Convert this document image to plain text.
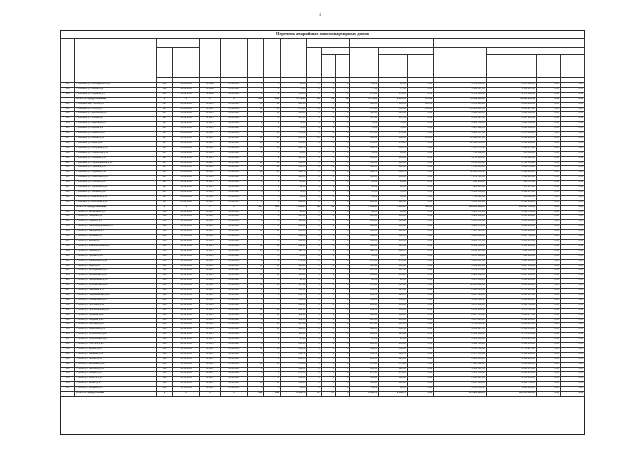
4
Перечень аварийных многоквартирных домов

207	г. Калинин ул. Володарского д.1	226	14.06.2011	IV.2018	31.12.2017	1	1	94,50	2	2	0	94,50	94,50	0,00	1 879 500,00	1 879 500,00	0,00	0,00
208	г. Калинин ул. Лесная д.2	126	14.06.2011	IV.2018	31.12.2017	1	1	77,43	3	3	0	77,43	77,43	0,00	1 540 007,00	1 540 007,00	0,00	0,00
209	г. Калинин ул. Садовая д.3	126	14.06.2011	IV.2018	31.12.2017	4	8	179,56	4	4	0	179,56	179,56	0,00	3 571 448,00	3 571 448,00	0,00	0,00
	Итого по городу Калинину	х	х	х	х	206	296	3 772,80	83	89	19	3 772,80	3 045,34	727,46	75 040 000,00	53 280 000,00	0,00	0,00
210	г. Калинин пер. Гоголя д.4	127	15.09.2011	III.2017	31.12.2017	15	16	481,56	5	5	0	481,56	361,56	120,00	9 578 028,00	6 800 000,00	0,00	0,00
211	г. Калинин ул. Гоголя д.5	127	15.09.2011	III.2017	31.12.2017	24	26	675,92	11	11	0	675,92	532,92	143,00	13 443 967,00	9 545 217,00	0,00	0,00
212	г. Калинин ул. Деповская д.6	127	15.09.2011	III.2017	31.12.2017	11	12	326,40	2	2	0	326,40	326,40	0,00	6 492 096,00	4 609 388,00	0,00	0,00
213	г. Калинин ул. Жукова д.7	127	15.09.2011	III.2017	31.12.2017	7	8	457,30	1	1	0	457,30	457,30	0,00	9 095 697,00	6 457 945,00	0,00	0,00
214	г. Калинин ул. Заречная д.8	127	15.09.2011	III.2017	31.12.2017	2	2	75,00	1	1	0	75,00	75,00	0,00	1 491 750,00	1 059 143,00	0,00	0,00
215	г. Калинин ул. Кирова д.9	127	15.09.2011	III.2017	31.12.2017	4	4	73,80	1	1	0	73,80	73,80	0,00	1 467 882,00	1 042 196,00	0,00	0,00
216	г. Калинин ул. Ленина д.10	127	15.09.2011	III.2017	31.12.2017	8	10	175,30	6	6	0	175,30	175,30	0,00	3 486 717,00	2 475 569,00	0,00	0,00
217	г. Калинин ул. Лесная д.11	127	15.09.2011	III.2017	31.12.2017	22	23	683,30	15	15	0	683,30	558,30	125,00	13 590 837,00	9 649 494,00	0,00	0,00
218	г. Калинин ул. Мира д.12	127	15.09.2011	III.2017	31.12.2017	16	18	574,06	6	6	0	574,06	574,06	0,00	11 418 053,00	8 106 818,00	0,00	0,00
219	г. Калинин ул. Мичурина д.13	127	15.09.2011	III.2017	31.12.2017	11	11	365,70	7	7	0	365,70	365,70	0,00	7 273 773,00	5 164 379,00	0,00	0,00
220	г. Калинин ул. Некрасова д.14	127	15.09.2011	III.2017	31.12.2017	1	1	35,80	1	1	0	35,80	35,80	0,00	712 062,00	505 564,00	0,00	0,00
221	г. Калинин ул. Озёрная д.15	127	15.09.2011	III.2017	31.12.2017	6	6	265,20	1	1	0	265,20	265,20	0,00	5 274 828,00	3 745 128,00	0,00	0,00
222	г. Калинин ул. Первомайская д.16	127	15.09.2011	III.2017	31.12.2017	12	13	410,10	6	6	0	410,10	410,10	0,00	8 156 889,00	5 791 391,00	0,00	0,00
223	г. Калинин ул. Пушкина д.17	127	15.09.2011	III.2017	31.12.2017	14	14	391,50	4	4	0	391,50	391,50	0,00	7 786 935,00	5 528 724,00	0,00	0,00
224	г. Калинин ул. Садовая д.18	127	15.09.2011	III.2017	31.12.2017	19	20	599,70	8	8	0	599,70	599,70	0,00	11 928 033,00	8 468 903,00	0,00	0,00
225	г. Калинин ул. Советская д.19	127	15.09.2011	III.2017	31.12.2017	9	9	366,00	1	1	0	366,00	366,00	0,00	7 279 740,00	5 168 615,00	0,00	0,00
226	г. Калинин ул. Степная д.20	127	15.09.2011	III.2017	31.12.2017	1	1	32,20	1	1	0	32,20	32,20	0,00	640 458,00	454 725,00	0,00	0,00
227	г. Калинин ул. Тургенева д.21	127	15.09.2011	III.2017	31.12.2017	1	1	40,50	1	1	0	40,50	40,50	0,00	805 545,00	571 937,00	0,00	0,00
228	г. Калинин ул. Чапаева д.22	127	15.09.2011	III.2017	31.12.2017	3	3	78,55	1	1	0	78,55	78,55	0,00	1 562 359,00	1 109 275,00	0,00	0,00
229	г. Калинин ул. Шевченко д.23	127	15.09.2011	III.2017	31.12.2017	1	1	36,00	1	1	0	36,00	36,00	0,00	716 040,00	508 388,00	0,00	0,00
230	г. Калинин ул. Школьная д.24	127	15.09.2011	III.2017	31.12.2017	8	9	292,40	2	2	0	292,40	292,40	0,00	5 815 836,00	4 129 244,00	0,00	0,00
	Итого по городу Калинину	х	х	х	х	237	262	7 502,35	89	89	0	7 502,35	7 044,35	458,00	149 221 966,00	105 947 795,00	0,00	0,00
231	г. Липки ул. Вокзальная д.1	130	14.10.2011	III.2017	31.12.2017	3	3	94,80	1	1	0	94,80	94,80	0,00	1 885 572,00	1 338 756,00	0,00	0,00
232	г. Липки ул. Гагарина д.2	130	14.10.2011	III.2017	31.12.2017	6	6	185,10	2	2	0	185,10	185,10	0,00	3 681 639,00	2 613 964,00	0,00	0,00
233	г. Липки ул. Горького д.3	130	14.10.2011	III.2017	31.12.2017	4	4	129,90	1	1	0	129,90	129,90	0,00	2 583 711,00	1 834 435,00	0,00	0,00
234	г. Липки ул. Железнодорожная д.4	130	14.10.2011	III.2017	31.12.2017	8	8	246,60	2	2	0	246,60	246,60	0,00	4 904 874,00	3 482 461,00	0,00	0,00
235	г. Липки ул. Заводская д.5	130	14.10.2011	III.2017	31.12.2017	12	12	385,50	3	3	0	385,50	385,50	0,00	7 667 595,00	5 443 992,00	0,00	0,00
236	г. Липки ул. Зелёная д.6	130	14.10.2011	III.2017	31.12.2017	5	5	162,00	1	1	0	162,00	162,00	0,00	3 222 180,00	2 287 748,00	0,00	0,00
237	г. Липки ул. Кирова д.7	130	14.10.2011	III.2017	31.12.2017	7	8	211,30	2	2	0	211,30	211,30	0,00	4 202 757,00	2 983 957,00	0,00	0,00
238	г. Липки ул. Комсомольская д.8	130	14.10.2011	III.2017	31.12.2017	10	11	322,40	3	3	0	322,40	322,40	0,00	6 412 536,00	4 552 900,00	0,00	0,00
239	г. Липки ул. Ленина д.9	130	14.10.2011	III.2017	31.12.2017	16	17	498,70	4	4	0	498,70	498,70	0,00	9 919 143,00	7 042 592,00	0,00	0,00
240	г. Липки ул. Луговая д.10	130	14.10.2011	III.2017	31.12.2017	2	2	61,20	1	1	0	61,20	61,20	0,00	1 217 268,00	864 260,00	0,00	0,00
241	г. Липки ул. Маяковского д.11	130	14.10.2011	III.2017	31.12.2017	9	9	276,30	2	2	0	276,30	276,30	0,00	5 495 607,00	3 901 881,00	0,00	0,00
242	г. Липки ул. Мира д.12	130	14.10.2011	III.2017	31.12.2017	11	12	348,90	3	3	0	348,90	348,90	0,00	6 939 621,00	4 927 131,00	0,00	0,00
243	г. Липки ул. Молодёжная д.13	130	14.10.2011	III.2017	31.12.2017	6	6	187,50	1	1	0	187,50	187,50	0,00	3 729 375,00	2 647 856,00	0,00	0,00
244	г. Липки ул. Московская д.14	130	14.10.2011	III.2017	31.12.2017	14	15	431,80	4	4	0	431,80	431,80	0,00	8 588 502,00	6 097 836,00	0,00	0,00
245	г. Липки ул. Набережная д.15	130	14.10.2011	III.2017	31.12.2017	3	3	92,40	1	1	0	92,40	92,40	0,00	1 837 836,00	1 304 864,00	0,00	0,00
246	г. Липки ул. Октябрьская д.16	130	14.10.2011	III.2017	31.12.2017	18	19	567,20	5	5	0	567,20	567,20	0,00	11 281 608,00	8 009 942,00	0,00	0,00
247	г. Липки ул. Парковая д.17	130	14.10.2011	III.2017	31.12.2017	4	4	121,60	1	1	0	121,60	121,60	0,00	2 418 624,00	1 717 223,00	0,00	0,00
248	г. Липки ул. Первомайская д.18	130	14.10.2011	III.2017	31.12.2017	8	8	243,70	2	2	0	243,70	243,70	0,00	4 847 193,00	3 441 507,00	0,00	0,00
249	г. Липки ул. Пионерская д.19	130	14.10.2011	III.2017	31.12.2017	5	5	158,20	1	1	0	158,20	158,20	0,00	3 146 598,00	2 234 085,00	0,00	0,00
250	г. Липки ул. Почтовая д.20	130	14.10.2011	III.2017	31.12.2017	7	7	214,90	2	2	0	214,90	214,90	0,00	4 274 361,00	3 034 796,00	0,00	0,00
251	г. Липки ул. Пролетарская д.21	130	14.10.2011	III.2017	31.12.2017	10	10	309,50	3	3	0	309,50	309,50	0,00	6 155 955,00	4 370 728,00	0,00	0,00
252	г. Липки ул. Пушкина д.22	130	14.10.2011	III.2017	31.12.2017	13	14	402,60	3	3	0	402,60	402,60	0,00	8 007 714,00	5 685 477,00	0,00	0,00
253	г. Липки ул. Садовая д.23	130	14.10.2011	III.2017	31.12.2017	6	6	183,40	2	2	0	183,40	183,40	0,00	3 647 826,00	2 589 956,00	0,00	0,00
254	г. Липки ул. Свободы д.24	130	14.10.2011	III.2017	31.12.2017	9	10	287,10	2	2	0	287,10	287,10	0,00	5 710 419,00	4 054 397,00	0,00	0,00
255	г. Липки ул. Советская д.25	130	14.10.2011	III.2017	31.12.2017	15	16	462,30	4	4	0	462,30	462,30	0,00	9 195 147,00	6 528 554,00	0,00	0,00
256	г. Липки ул. Строителей д.26	130	14.10.2011	III.2017	31.12.2017	4	4	125,80	1	1	0	125,80	125,80	0,00	2 502 162,00	1 776 535,00	0,00	0,00
257	г. Липки ул. Театральная д.27	130	14.10.2011	III.2017	31.12.2017	3	3	97,60	1	1	0	97,60	97,60	0,00	1 941 264,00	1 378 297,00	0,00	0,00
258	г. Липки ул. Толстого д.28	130	14.10.2011	III.2017	31.12.2017	8	9	256,40	2	2	0	256,40	256,40	0,00	5 099 796,00	3 620 855,00	0,00	0,00
259	г. Липки ул. Фрунзе д.29	130	14.10.2011	III.2017	31.12.2017	11	11	338,20	3	3	0	338,20	338,20	0,00	6 726 798,00	4 776 027,00	0,00	0,00
260	г. Липки ул. Чапаева д.30	130	14.10.2011	III.2017	31.12.2017	5	5	149,70	1	1	0	149,70	149,70	0,00	2 977 533,00	2 114 048,00	0,00	0,00
261	г. Липки ул. Чехова д.31	130	14.10.2011	III.2017	31.12.2017	7	8	226,50	2	2	0	226,50	226,50	0,00	4 505 085,00	3 198 610,00	0,00	0,00
262	г. Липки ул. Школьная д.32	130	14.10.2011	III.2017	31.12.2017	12	12	371,80	3	3	0	371,80	371,80	0,00	7 395 102,00	5 250 522,00	0,00	0,00
263	г. Липки ул. Энгельса д.33	130	14.10.2011	III.2017	31.12.2017	6	7	198,30	2	2	0	198,30	198,30	0,00	3 944 187,00	2 800 373,00	0,00	0,00
264	г. Липки ул. Южная д.34	130	14.10.2011	III.2017	31.12.2017	9	9	275,10	2	2	0	275,10	275,10	0,00	5 471 739,00	3 884 935,00	0,00	0,00
265	г. Липки ул. Юности д.35	130	14.10.2011	III.2017	31.12.2017	4	4	118,90	1	1	0	118,90	118,90	0,00	2 364 921,00	1 679 094,00	0,00	0,00
266	г. Липки ул. Ясная д.36	130	14.10.2011	III.2017	31.12.2017	10	11	314,60	3	3	0	314,60	314,60	0,00	6 257 394,00	4 442 750,00	0,00	0,00
267	г. Липки ул. Ягодная д.37	130	14.10.2011	III.2017	31.12.2017	3	3	89,50	1	1	0	89,50	89,50	0,00	1 780 155,00	1 263 910,00	0,00	0,00
	Итого по городу Липкам	х	х	х	х	280	298	8 566,70	67	67	0	8 566,70	8 566,70	0,00	170 391 663,00	120 978 081,00	0,00	0,00
